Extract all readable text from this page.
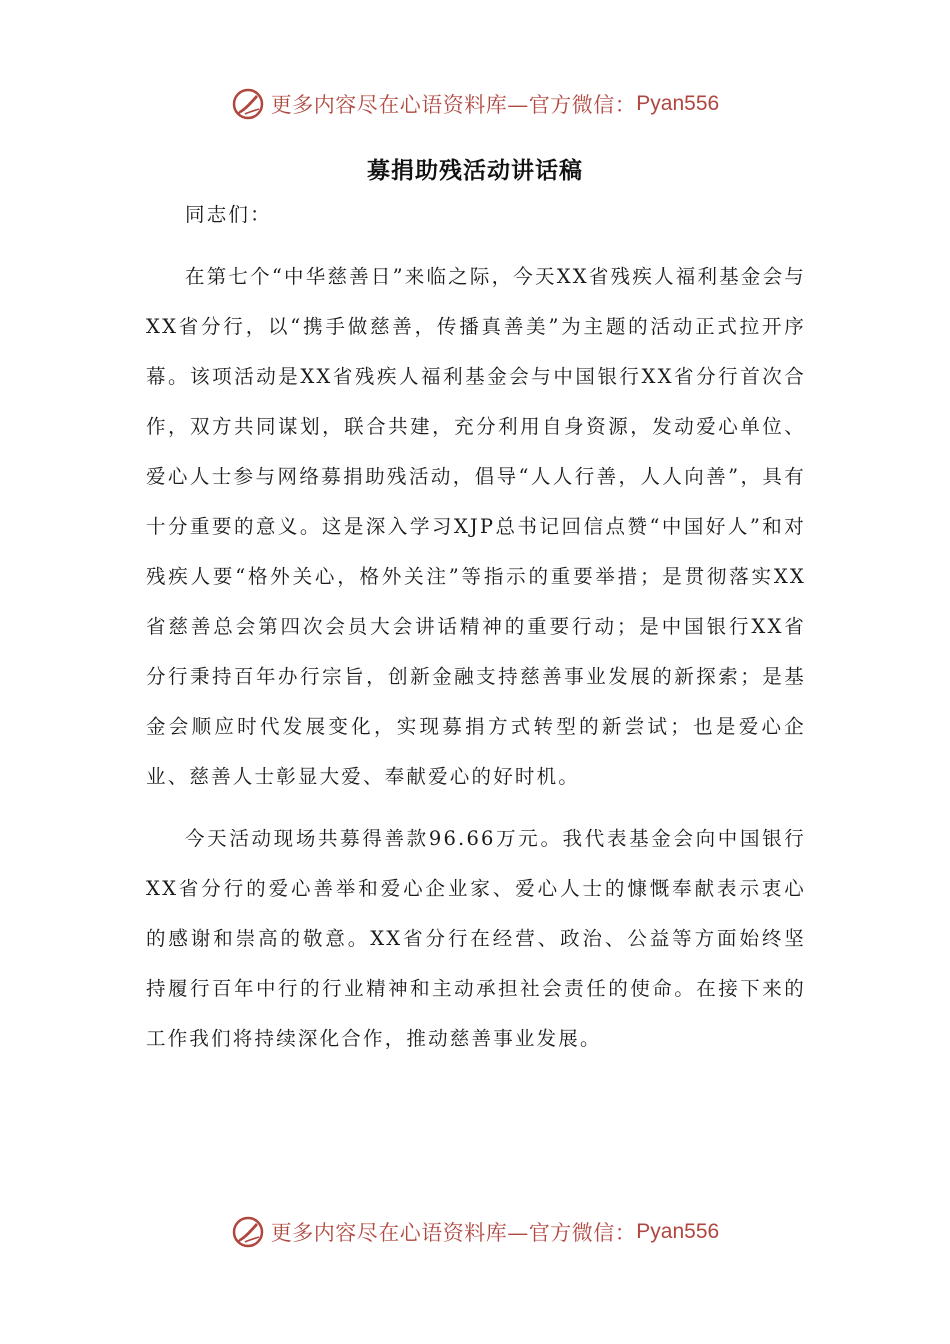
更多内容尽在心语资料库—官方微信： Pyan556
募捐助残活动讲话稿

同志们：

在第七个“中华慈善日”来临之际，今天XX省残疾人福利基金会与XX省分行，以“携手做慈善，传播真善美”为主题的活动正式拉开序幕。该项活动是XX省残疾人福利基金会与中国银行XX省分行首次合作，双方共同谋划，联合共建，充分利用自身资源，发动爱心单位、爱心人士参与网络募捐助残活动，倡导“人人行善，人人向善”，具有十分重要的意义。这是深入学习XJP总书记回信点赞“中国好人”和对残疾人要“格外关心，格外关注”等指示的重要举措；是贯彻落实XX省慈善总会第四次会员大会讲话精神的重要行动；是中国银行XX省分行秉持百年办行宗旨，创新金融支持慈善事业发展的新探索；是基金会顺应时代发展变化，实现募捐方式转型的新尝试；也是爱心企业、慈善人士彰显大爱、奉献爱心的好时机。

今天活动现场共募得善款96.66万元。我代表基金会向中国银行XX省分行的爱心善举和爱心企业家、爱心人士的慷慨奉献表示衷心的感谢和崇高的敬意。XX省分行在经营、政治、公益等方面始终坚持履行百年中行的行业精神和主动承担社会责任的使命。在接下来的工作我们将持续深化合作，推动慈善事业发展。

更多内容尽在心语资料库—官方微信： Pyan556
